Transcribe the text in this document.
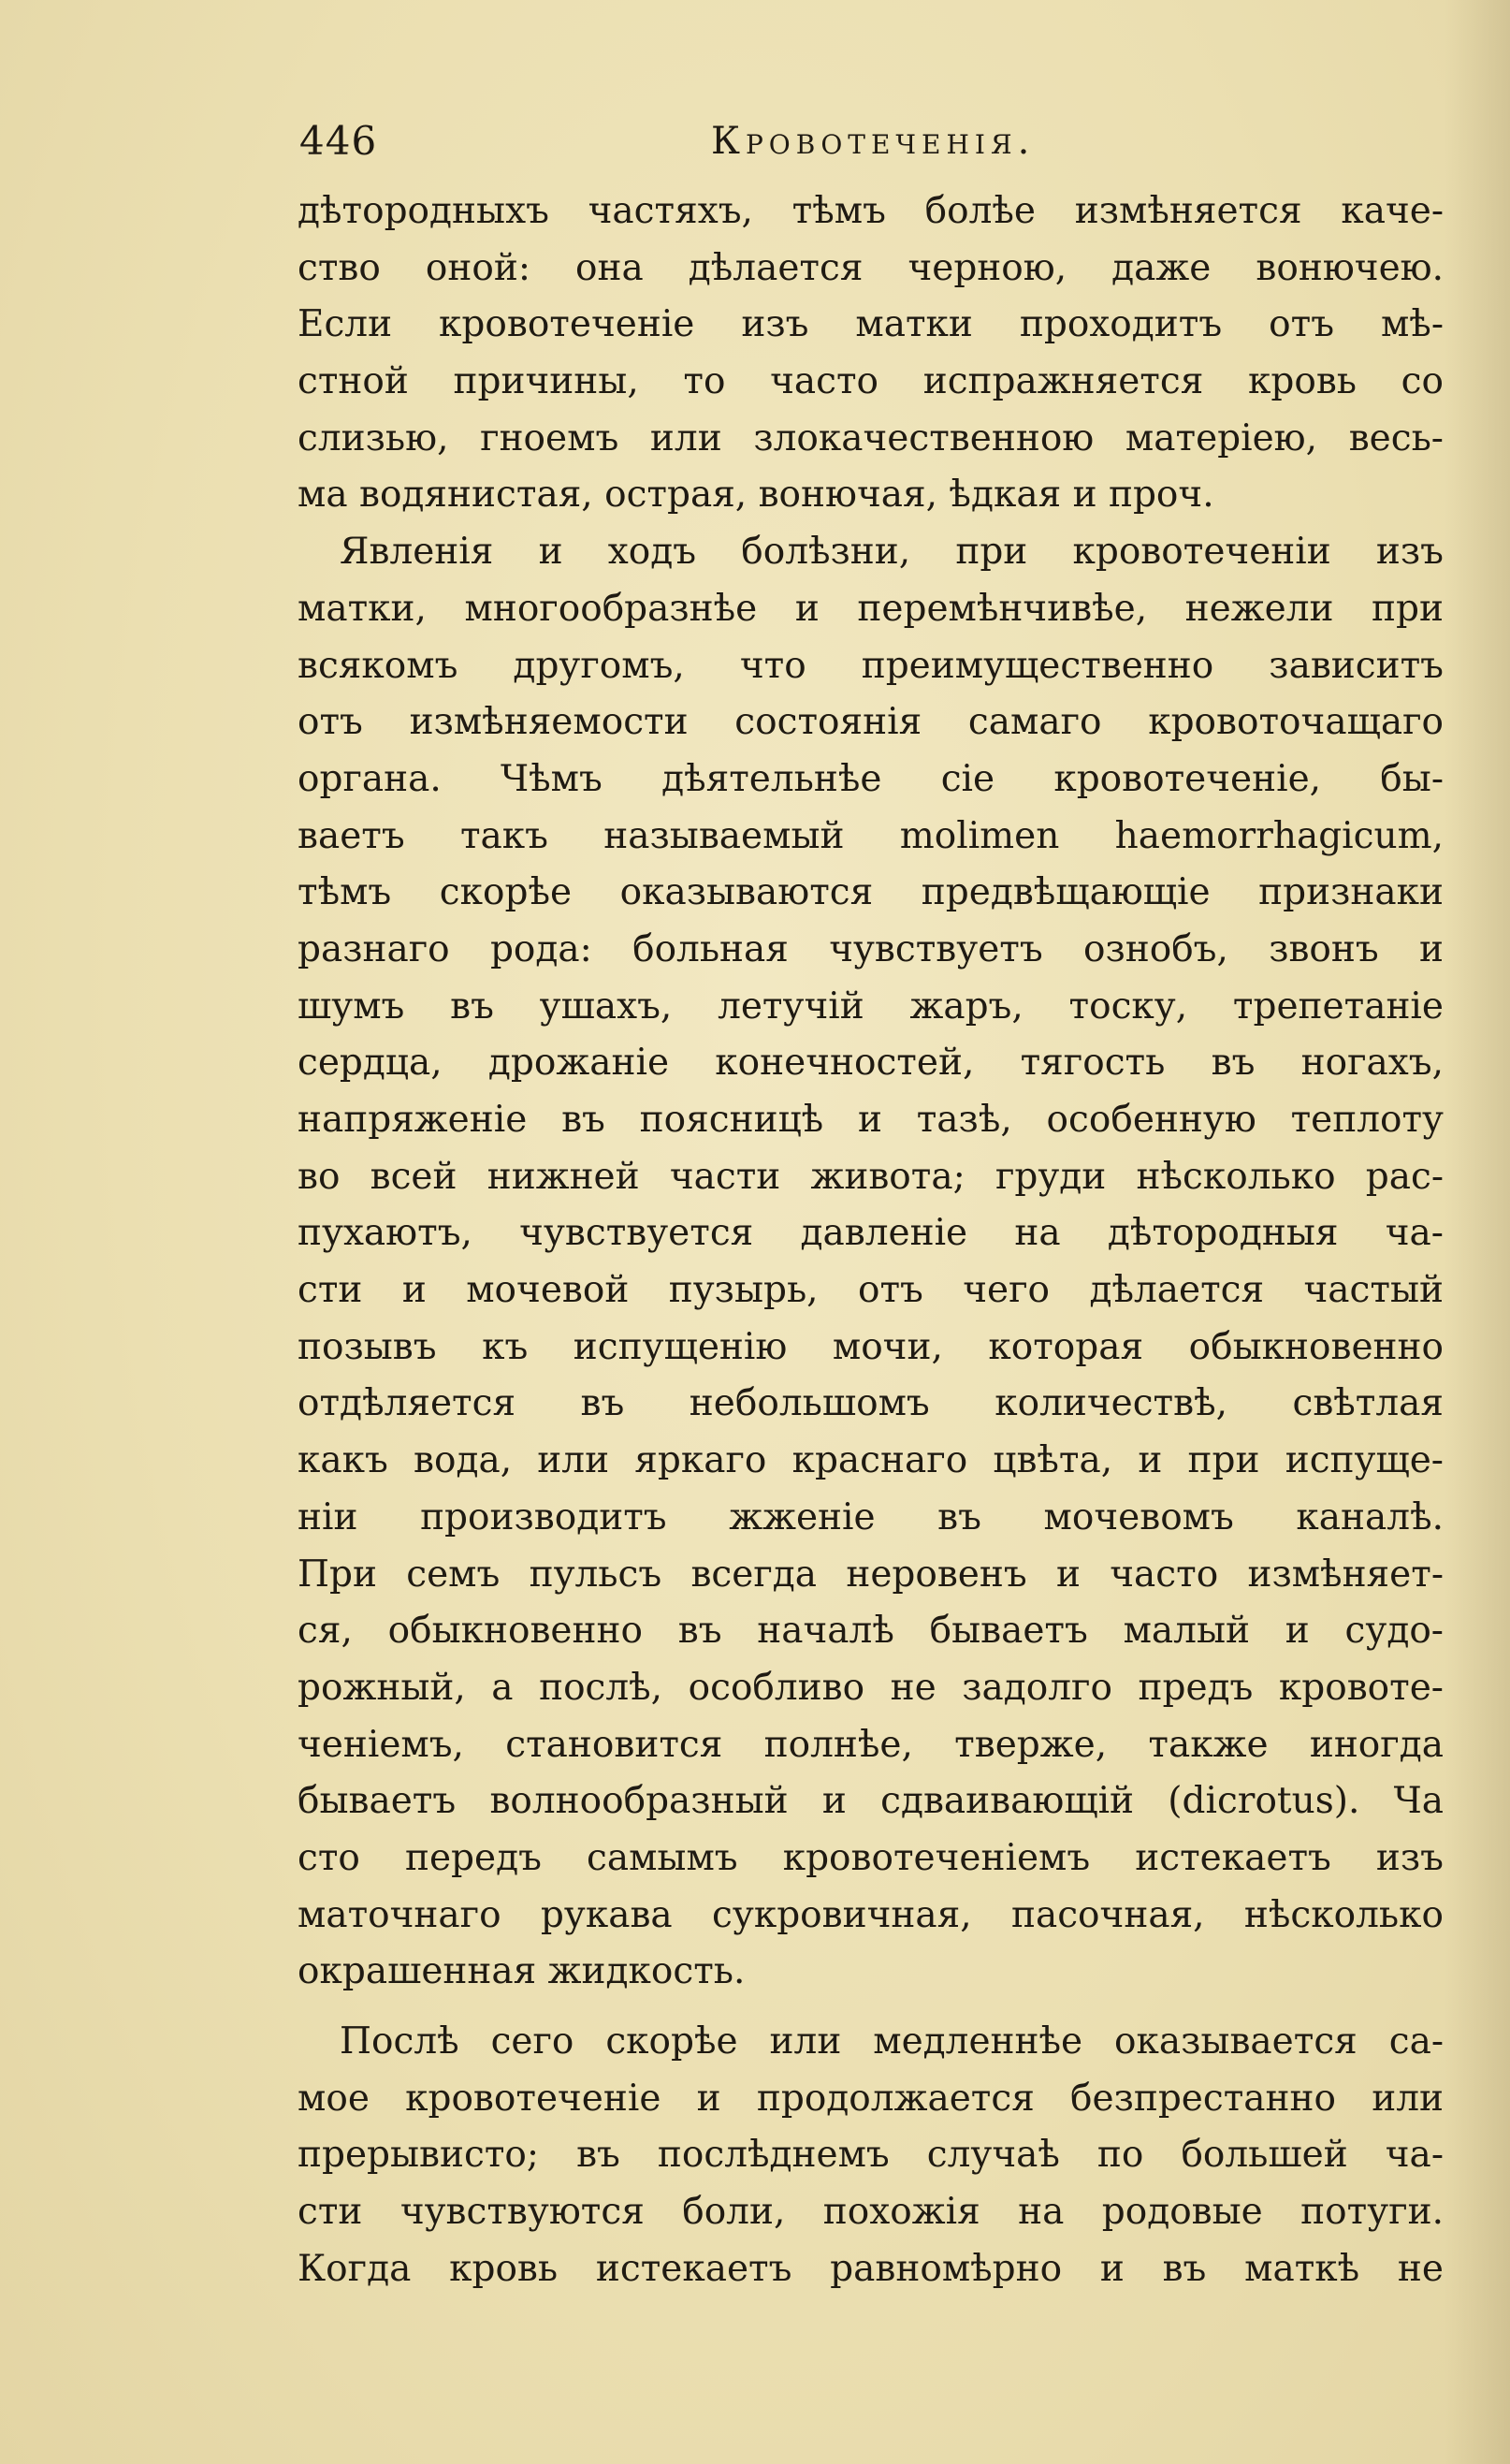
446	Кровотеченія.
дѣтородныхъ частяхъ, тѣмъ болѣе измѣняется кaче-
ство оной: она дѣлается черною, даже вонючею.
Если кровотеченіе изъ матки проходитъ отъ мѣ-
стной причины, то часто испражняется кровь со
слизью, гноемъ или злокачественною матеріею, весь-
ма водянистая, острая, вонючая, ѣдкая и проч.
Явленія и ходъ болѣзни, при кровотеченіи изъ
матки, многообразнѣе и перемѣнчивѣе, нежели при
всякомъ другомъ, что преимущественно зависитъ
отъ измѣняемости состоянія самаго кровоточащаго
органа. Чѣмъ дѣятельнѣе сіе кровотеченіе, бы-
ваетъ такъ называемый molimen haemorrhagicum,
тѣмъ скорѣе оказываются предвѣщающіе признаки
разнаго рода: больная чувствуетъ ознобъ, звонъ и
шумъ въ ушахъ, летучій жаръ, тоску, трепетаніе
сердца, дрожаніе конечностей, тягость въ ногахъ,
напряженіе въ поясницѣ и тазѣ, особенную теплоту
во всей нижней части живота; груди нѣсколько рас-
пухаютъ, чувствуется давленіе на дѣтородныя ча-
сти и мочевой пузырь, отъ чего дѣлается частый
позывъ къ испущенію мочи, которая обыкновенно
отдѣляется въ небольшомъ количествѣ, свѣтлая
какъ вода, или яркаго краснаго цвѣта, и при испуще-
ніи производитъ жженіе въ мочевомъ каналѣ.
При семъ пульсъ всегда неровенъ и часто измѣняет-
ся, обыкновенно въ началѣ бываетъ малый и судо-
рожный, а послѣ, особливо не задолго предъ кровоте-
ченіемъ, становится полнѣе, тверже, также иногда
бываетъ волнообразный и сдваивающій (dicrotus). Ча
сто передъ самымъ кровотеченіемъ истекаетъ изъ
маточнаго рукава сукровичная, пасочная, нѣсколько
окрашенная жидкость.
Послѣ сего скорѣе или медленнѣе оказывается са-
мое кровотеченіе и продолжается безпрестанно или
прерывисто; въ послѣднемъ случаѣ по большей ча-
сти чувствуются боли, похожія на родовые потуги.
Когда кровь истекаетъ равномѣрно и въ маткѣ не
